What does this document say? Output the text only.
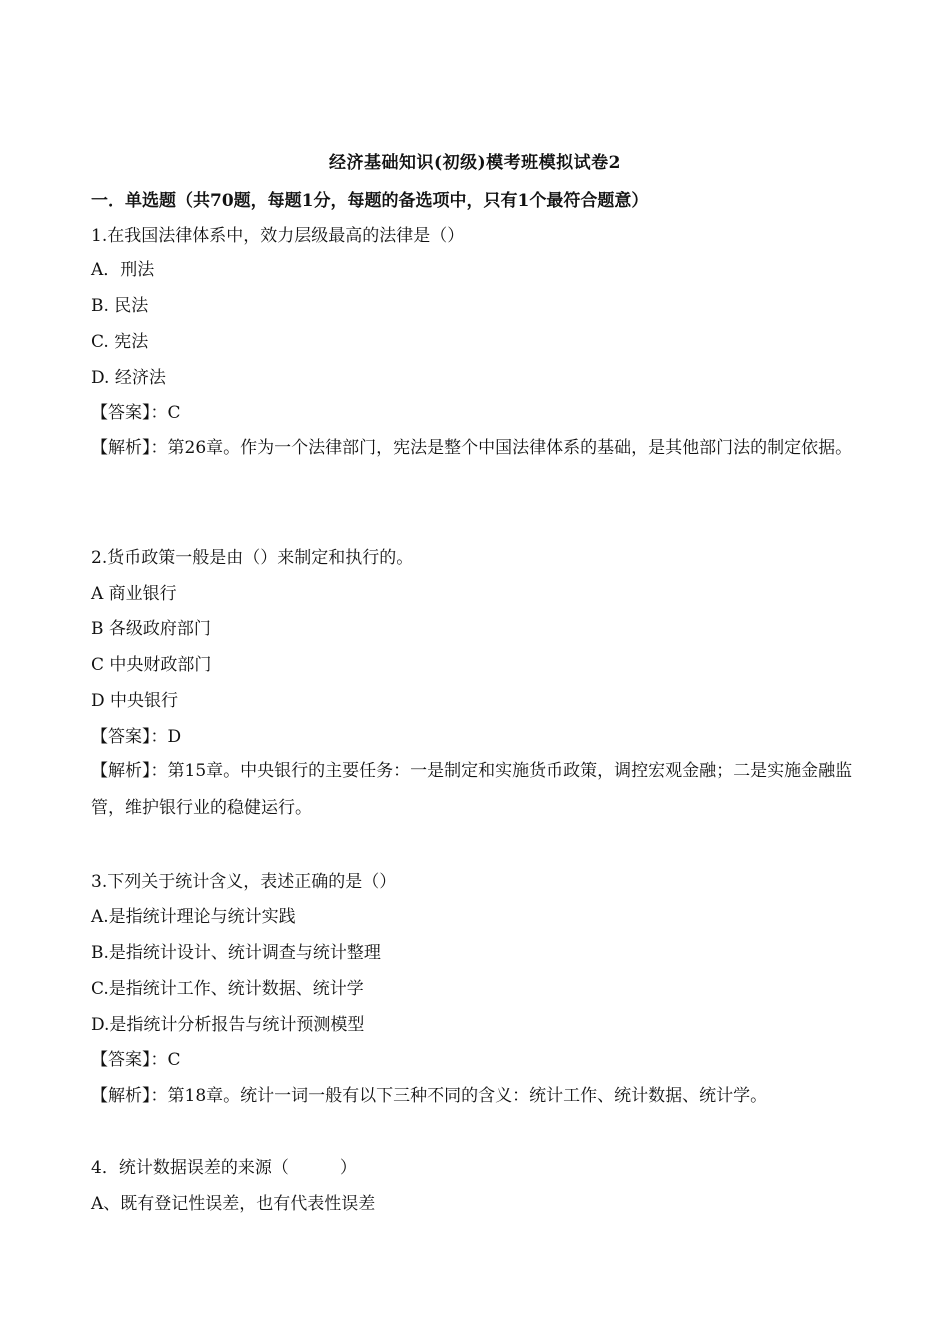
经济基础知识(初级)模考班模拟试卷2
一．单选题（共70题，每题1分，每题的备选项中，只有1个最符合题意）
1.在我国法律体系中，效力层级最高的法律是（）
A．刑法
B. 民法
C. 宪法
D. 经济法
【答案】：C
【解析】：第26章。作为一个法律部门，宪法是整个中国法律体系的基础，是其他部门法的制定依据。
2.货币政策一般是由（）来制定和执行的。
A 商业银行
B 各级政府部门
C 中央财政部门
D 中央银行
【答案】：D
【解析】：第15章。中央银行的主要任务：一是制定和实施货币政策，调控宏观金融；二是实施金融监管，维护银行业的稳健运行。
3.下列关于统计含义，表述正确的是（）
A.是指统计理论与统计实践
B.是指统计设计、统计调查与统计整理
C.是指统计工作、统计数据、统计学
D.是指统计分析报告与统计预测模型
【答案】：C
【解析】：第18章。统计一词一般有以下三种不同的含义：统计工作、统计数据、统计学。
4．统计数据误差的来源（　　　）
A、既有登记性误差，也有代表性误差
